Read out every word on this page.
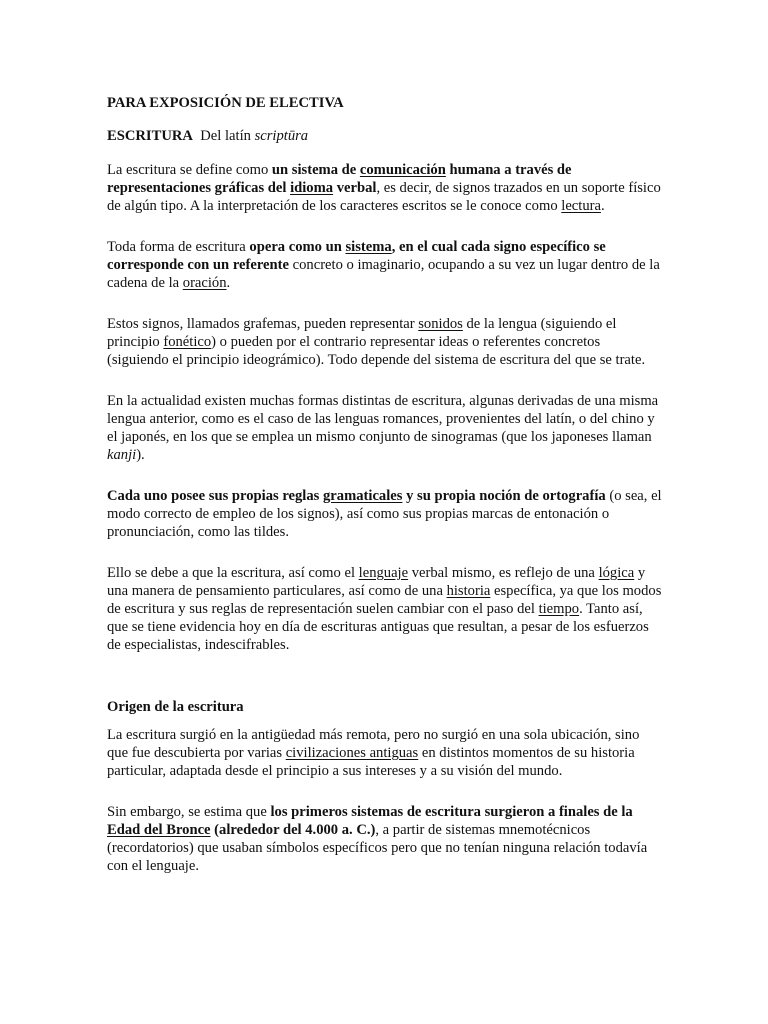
PARA EXPOSICIÓN DE ELECTIVA

ESCRITURA Del latín scriptūra

La escritura se define como un sistema de comunicación humana a través de representaciones gráficas del idioma verbal, es decir, de signos trazados en un soporte físico de algún tipo. A la interpretación de los caracteres escritos se le conoce como lectura.

Toda forma de escritura opera como un sistema, en el cual cada signo específico se corresponde con un referente concreto o imaginario, ocupando a su vez un lugar dentro de la cadena de la oración.

Estos signos, llamados grafemas, pueden representar sonidos de la lengua (siguiendo el principio fonético) o pueden por el contrario representar ideas o referentes concretos (siguiendo el principio ideográmico). Todo depende del sistema de escritura del que se trate.

En la actualidad existen muchas formas distintas de escritura, algunas derivadas de una misma lengua anterior, como es el caso de las lenguas romances, provenientes del latín, o del chino y el japonés, en los que se emplea un mismo conjunto de sinogramas (que los japoneses llaman kanji).

Cada uno posee sus propias reglas gramaticales y su propia noción de ortografía (o sea, el modo correcto de empleo de los signos), así como sus propias marcas de entonación o pronunciación, como las tildes.

Ello se debe a que la escritura, así como el lenguaje verbal mismo, es reflejo de una lógica y una manera de pensamiento particulares, así como de una historia específica, ya que los modos de escritura y sus reglas de representación suelen cambiar con el paso del tiempo. Tanto así, que se tiene evidencia hoy en día de escrituras antiguas que resultan, a pesar de los esfuerzos de especialistas, indescifrables.

Origen de la escritura

La escritura surgió en la antigüedad más remota, pero no surgió en una sola ubicación, sino que fue descubierta por varias civilizaciones antiguas en distintos momentos de su historia particular, adaptada desde el principio a sus intereses y a su visión del mundo.

Sin embargo, se estima que los primeros sistemas de escritura surgieron a finales de la Edad del Bronce (alrededor del 4.000 a. C.), a partir de sistemas mnemotécnicos (recordatorios) que usaban símbolos específicos pero que no tenían ninguna relación todavía con el lenguaje.
